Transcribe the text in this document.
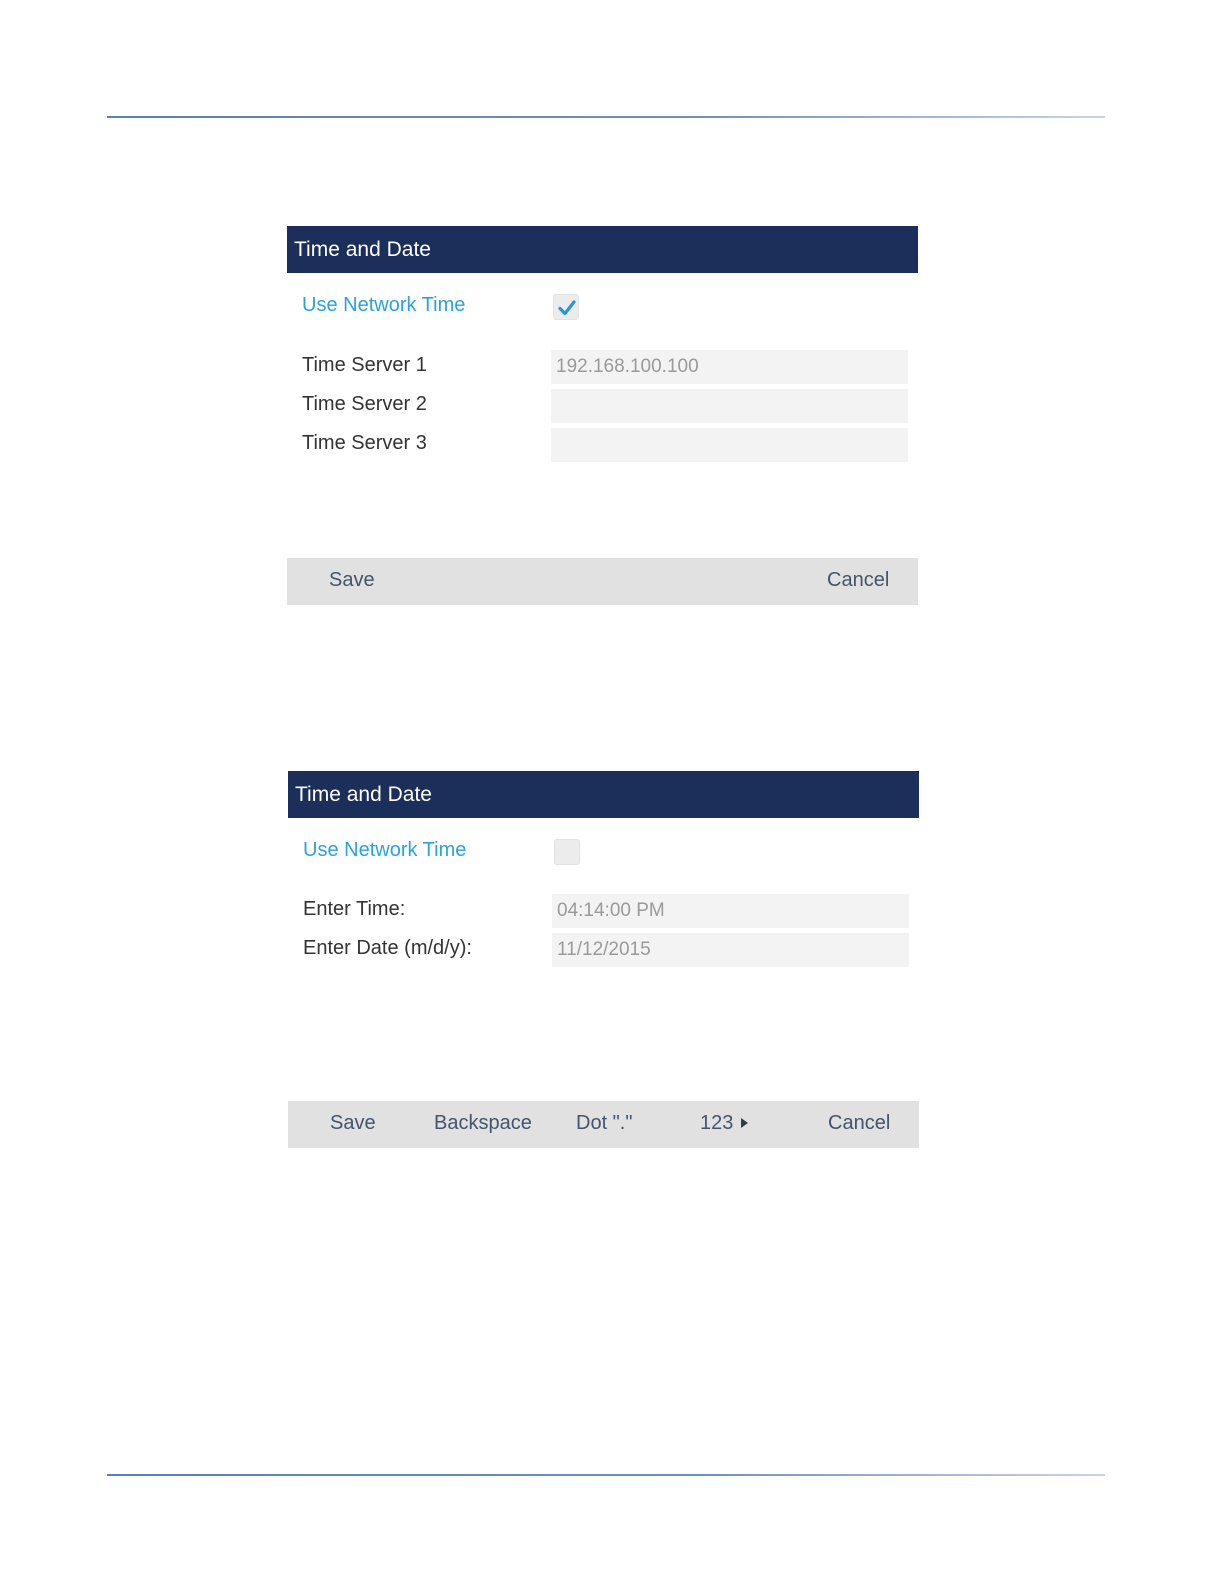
Time and Date
Use Network Time
Time Server 1	192.168.100.100
Time Server 2
Time Server 3
Save	Cancel
Time and Date
Use Network Time
Enter Time:	04:14:00 PM
Enter Date (m/d/y):	11/12/2015
Save	Backspace Dot "."	123	Cancel
